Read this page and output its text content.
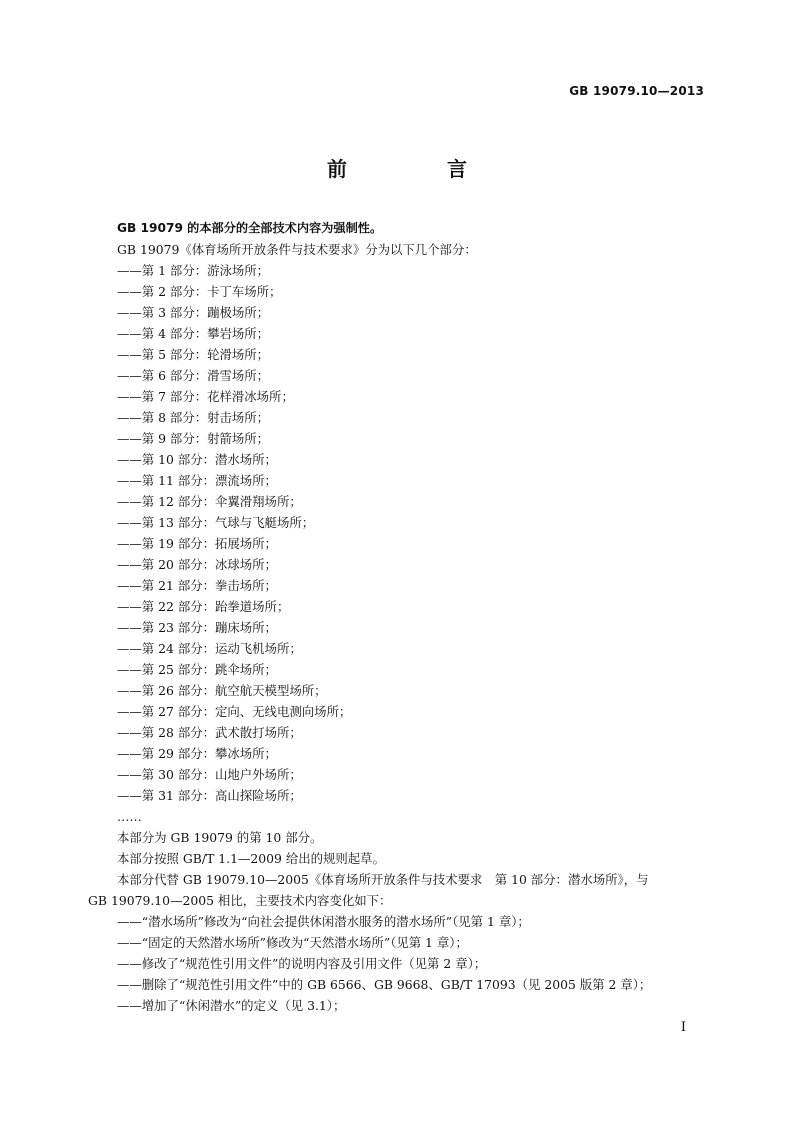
GB 19079.10—2013
前　言
GB 19079 的本部分的全部技术内容为强制性。
GB 19079《体育场所开放条件与技术要求》分为以下几个部分：
——第 1 部分：游泳场所；
——第 2 部分：卡丁车场所；
——第 3 部分：蹦极场所；
——第 4 部分：攀岩场所；
——第 5 部分：轮滑场所；
——第 6 部分：滑雪场所；
——第 7 部分：花样滑冰场所；
——第 8 部分：射击场所；
——第 9 部分：射箭场所；
——第 10 部分：潜水场所；
——第 11 部分：漂流场所；
——第 12 部分：伞翼滑翔场所；
——第 13 部分：气球与飞艇场所；
——第 19 部分：拓展场所；
——第 20 部分：冰球场所；
——第 21 部分：拳击场所；
——第 22 部分：跆拳道场所；
——第 23 部分：蹦床场所；
——第 24 部分：运动飞机场所；
——第 25 部分：跳伞场所；
——第 26 部分：航空航天模型场所；
——第 27 部分：定向、无线电测向场所；
——第 28 部分：武术散打场所；
——第 29 部分：攀冰场所；
——第 30 部分：山地户外场所；
——第 31 部分：高山探险场所；
……
本部分为 GB 19079 的第 10 部分。
本部分按照 GB/T 1.1—2009 给出的规则起草。
本部分代替 GB 19079.10—2005《体育场所开放条件与技术要求　第 10 部分：潜水场所》，与
GB 19079.10—2005 相比，主要技术内容变化如下：
——“潜水场所”修改为“向社会提供休闲潜水服务的潜水场所”（见第 1 章）；
——“固定的天然潜水场所”修改为“天然潜水场所”（见第 1 章）；
——修改了“规范性引用文件”的说明内容及引用文件（见第 2 章）；
——删除了“规范性引用文件”中的 GB 6566、GB 9668、GB/T 17093（见 2005 版第 2 章）；
——增加了“休闲潜水”的定义（见 3.1）；
I
